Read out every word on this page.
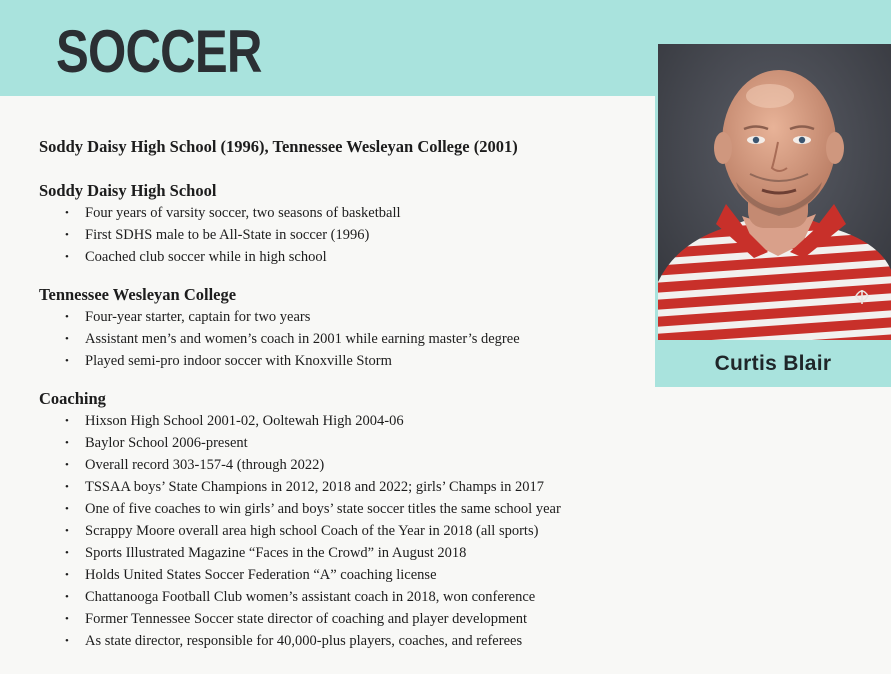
SOCCER

Soddy Daisy High School (1996), Tennessee Wesleyan College (2001)

Soddy Daisy High School
• Four years of varsity soccer, two seasons of basketball
• First SDHS male to be All-State in soccer (1996)
• Coached club soccer while in high school
Tennessee Wesleyan College
• Four-year starter, captain for two years
• Assistant men’s and women’s coach in 2001 while earning master’s degree
• Played semi-pro indoor soccer with Knoxville Storm
Coaching
• Hixson High School 2001-02, Ooltewah High 2004-06
• Baylor School 2006-present
• Overall record 303-157-4 (through 2022)
• TSSAA boys’ State Champions in 2012, 2018 and 2022; girls’ Champs in 2017
• One of five coaches to win girls’ and boys’ state soccer titles the same school year
• Scrappy Moore overall area high school Coach of the Year in 2018 (all sports)
• Sports Illustrated Magazine “Faces in the Crowd” in August 2018
• Holds United States Soccer Federation “A” coaching license
• Chattanooga Football Club women’s assistant coach in 2018, won conference
• Former Tennessee Soccer state director of coaching and player development
• As state director, responsible for 40,000-plus players, coaches, and referees
Curtis Blair
